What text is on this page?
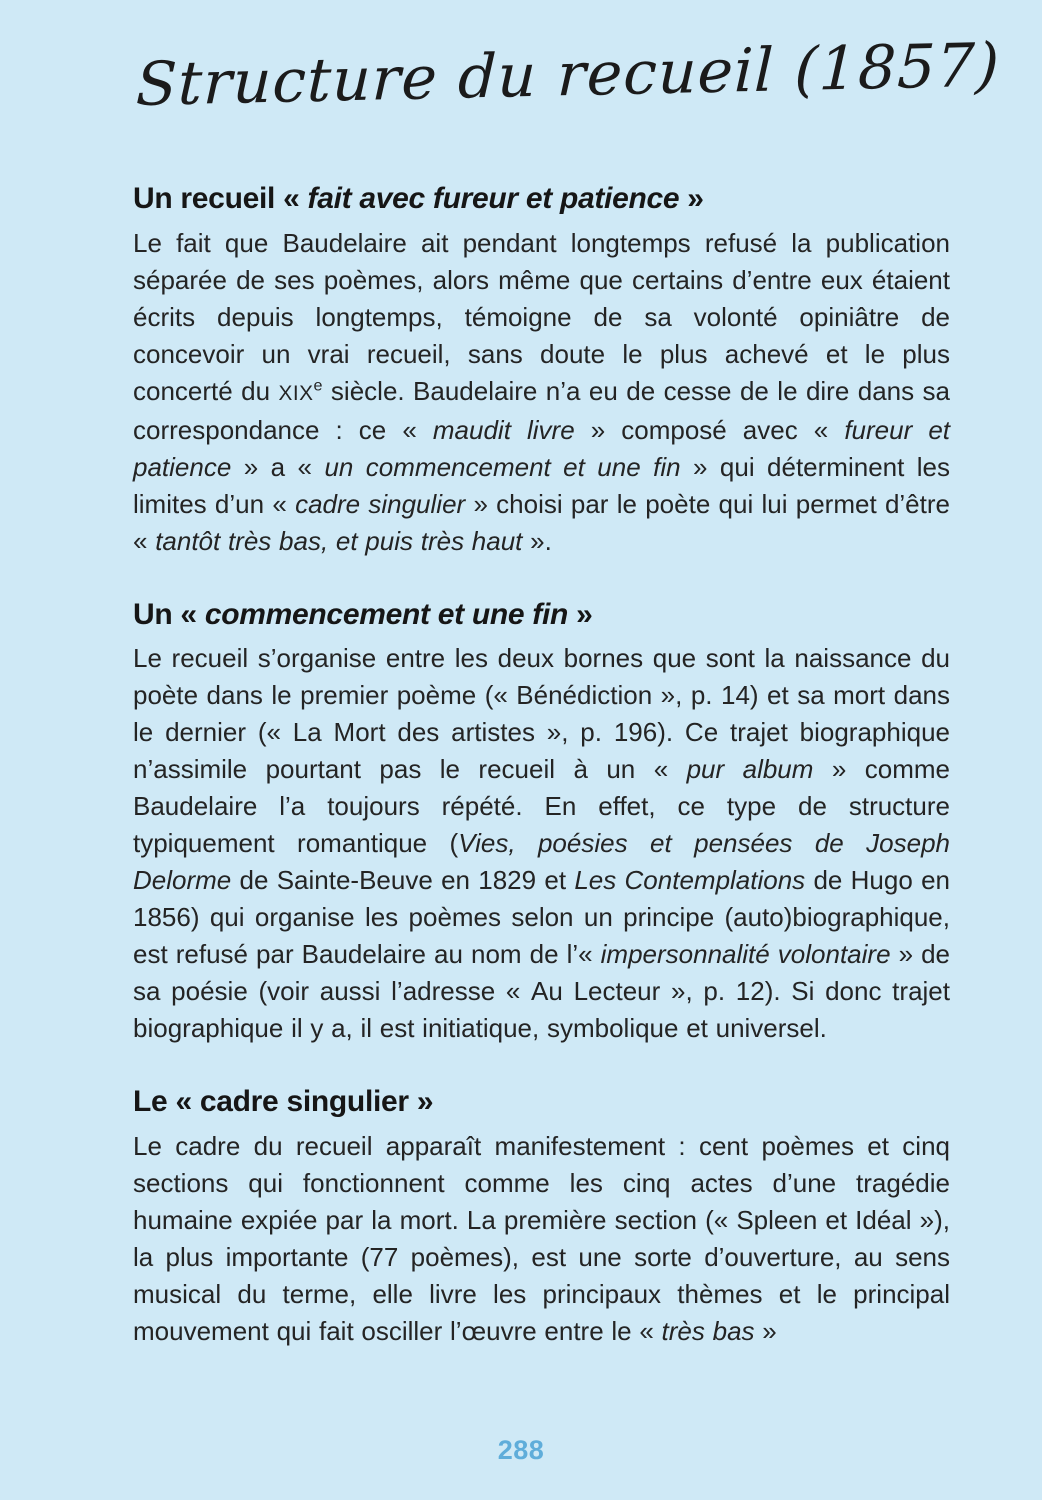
Structure du recueil (1857)
Un recueil « fait avec fureur et patience »

Le fait que Baudelaire ait pendant longtemps refusé la publication séparée de ses poèmes, alors même que certains d’entre eux étaient écrits depuis longtemps, témoigne de sa volonté opiniâtre de concevoir un vrai recueil, sans doute le plus achevé et le plus concerté du XIXe siècle. Baudelaire n’a eu de cesse de le dire dans sa correspondance : ce « maudit livre » composé avec « fureur et patience » a « un commencement et une fin » qui déterminent les limites d’un « cadre singulier » choisi par le poète qui lui permet d’être « tantôt très bas, et puis très haut ».

Un « commencement et une fin »

Le recueil s’organise entre les deux bornes que sont la naissance du poète dans le premier poème (« Bénédiction », p. 14) et sa mort dans le dernier (« La Mort des artistes », p. 196). Ce trajet biographique n’assimile pourtant pas le recueil à un « pur album » comme Baudelaire l’a toujours répété. En effet, ce type de structure typiquement romantique (Vies, poésies et pensées de Joseph Delorme de Sainte-Beuve en 1829 et Les Contemplations de Hugo en 1856) qui organise les poèmes selon un principe (auto)biographique, est refusé par Baudelaire au nom de l’« impersonnalité volontaire » de sa poésie (voir aussi l’adresse « Au Lecteur », p. 12). Si donc trajet biographique il y a, il est initiatique, symbolique et universel.

Le « cadre singulier »

Le cadre du recueil apparaît manifestement : cent poèmes et cinq sections qui fonctionnent comme les cinq actes d’une tragédie humaine expiée par la mort. La première section (« Spleen et Idéal »), la plus importante (77 poèmes), est une sorte d’ouverture, au sens musical du terme, elle livre les principaux thèmes et le principal mouvement qui fait osciller l’œuvre entre le « très bas »

288
